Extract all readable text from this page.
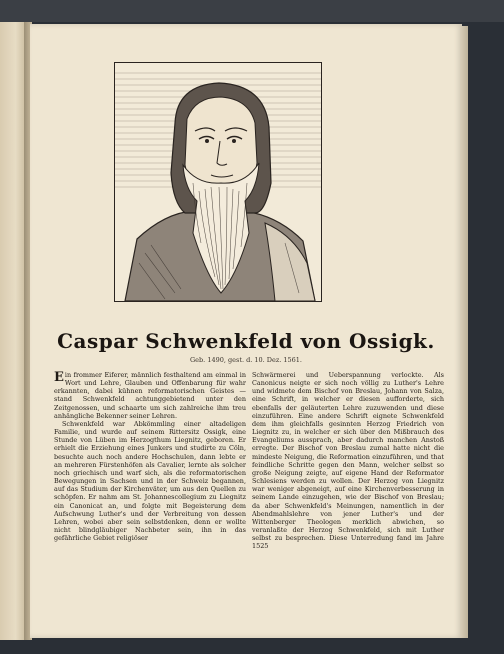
Caspar Schwenkfeld von Ossigk.
Geb. 1490, gest. d. 10. Dez. 1561.

Ein frommer Eiferer, männlich festhaltend am einmal in Wort und Lehre, Glauben und Offenbarung für wahr erkannten, dabei kühnen reformatorischen Geistes — stand Schwenkfeld achtunggebietend unter den Zeitgenossen, und schaarte um sich zahlreiche ihm treu anhängliche Bekenner seiner Lehren.

Schwenkfeld war Abkömmling einer altadeligen Familie, und wurde auf seinem Rittersitz Ossigk, eine Stunde von Lüben im Herzogthum Liegnitz, geboren. Er erhielt die Erziehung eines Junkers und studirte zu Cöln, besuchte auch noch andere Hochschulen, dann lebte er an mehreren Fürstenhöfen als Cavalier, lernte als solcher noch griechisch und warf sich, als die reformatorischen Bewegungen in Sachsen und in der Schweiz begannen, auf das Studium der Kirchenväter, um aus den Quellen zu schöpfen. Er nahm am St. Johannescollegium zu Liegnitz ein Canonicat an, und folgte mit Begeisterung dem Aufschwung Luther's und der Verbreitung von dessen Lehren, wobei aber sein selbstdenken, denn er wollte nicht blindgläubiger Nachbeter sein, ihn in das gefährliche Gebiet religiöser

Schwärmerei und Ueberspannung verlockte. Als Canonicus neigte er sich noch völlig zu Luther's Lehre und widmete dem Bischof von Breslau, Johann von Salza, eine Schrift, in welcher er diesen aufforderte, sich ebenfalls der geläuterten Lehre zuzuwenden und diese einzuführen. Eine andere Schrift eignete Schwenkfeld dem ihm gleichfalls gesinnten Herzog Friedrich von Liegnitz zu, in welcher er sich über den Mißbrauch des Evangeliums aussprach, aber dadurch manchen Anstoß erregte. Der Bischof von Breslau zumal hatte nicht die mindeste Neigung, die Reformation einzuführen, und that feindliche Schritte gegen den Mann, welcher selbst so große Neigung zeigte, auf eigene Hand der Reformator Schlesiens werden zu wollen. Der Herzog von Liegnitz war weniger abgeneigt, auf eine Kirchenverbesserung in seinem Lande einzugehen, wie der Bischof von Breslau; da aber Schwenkfeld's Meinungen, namentlich in der Abendmahlslehre von jener Luther's und der Wittenberger Theologen merklich abwichen, so veranlaßte der Herzog Schwenkfeld, sich mit Luther selbst zu besprechen. Diese Unterredung fand im Jahre 1525
